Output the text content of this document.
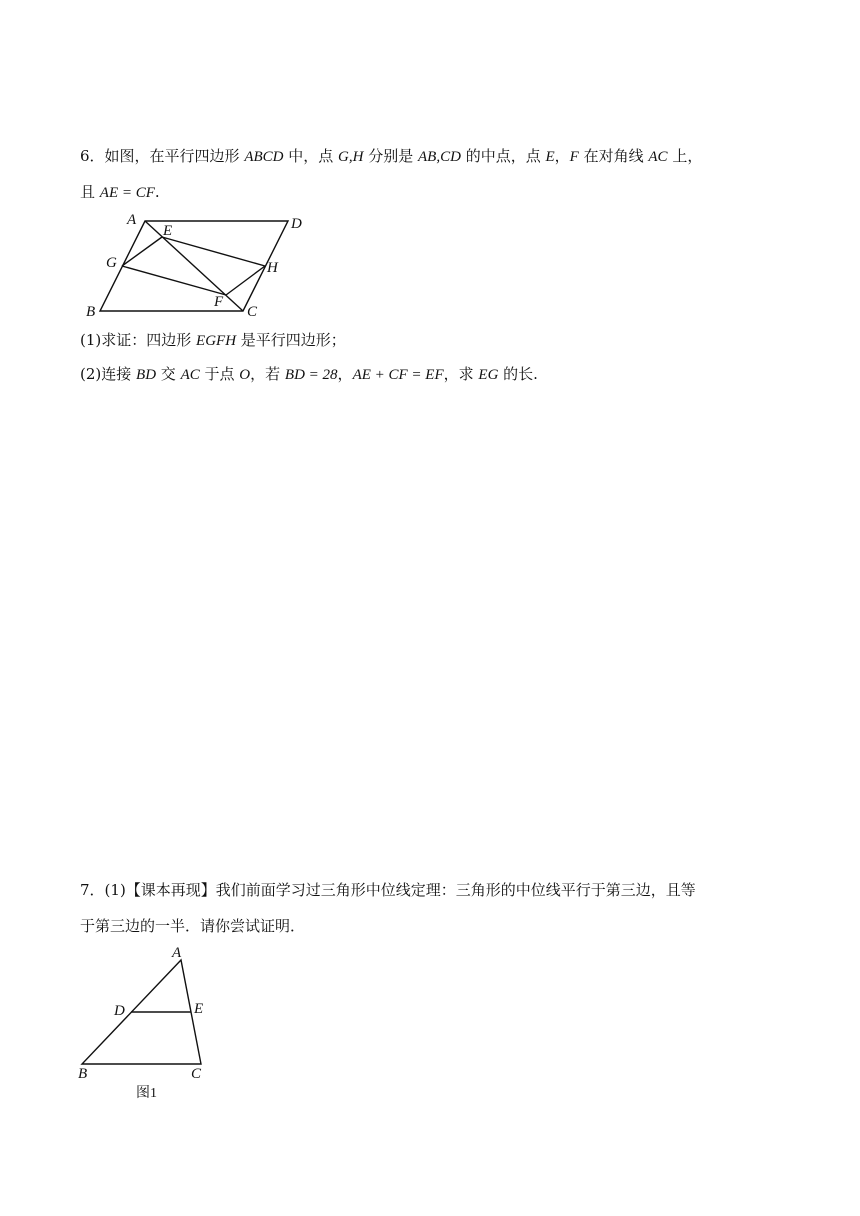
6．如图，在平行四边形 ABCD 中，点 G,H 分别是 AB,CD 的中点，点 E，F 在对角线 AC 上，
且 AE = CF.
A	D
E
G	H
F
B	C
A
D	E
B	C
图1
(1)求证：四边形 EGFH 是平行四边形；
(2)连接 BD 交 AC 于点 O，若 BD = 28，AE + CF = EF，求 EG 的长.
7．(1)【课本再现】我们前面学习过三角形中位线定理：三角形的中位线平行于第三边，且等
于第三边的一半．请你尝试证明．
